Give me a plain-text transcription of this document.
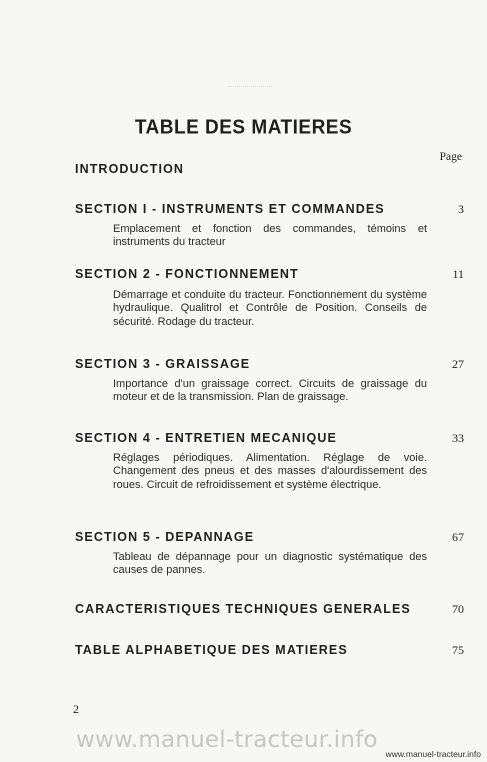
TABLE DES MATIERES
Page
INTRODUCTION
SECTION I - INSTRUMENTS ET COMMANDES	3
Emplacement et fonction des commandes, témoins et instruments du tracteur
SECTION 2 - FONCTIONNEMENT	11
Démarrage et conduite du tracteur. Fonctionnement du système hydraulique. Qualitrol et Contrôle de Position. Conseils de sécurité. Rodage du tracteur.
SECTION 3 - GRAISSAGE	27
Importance d'un graissage correct. Circuits de graissage du moteur et de la transmission. Plan de graissage.
SECTION 4 - ENTRETIEN MECANIQUE	33
Réglages périodiques. Alimentation. Réglage de voie. Changement des pneus et des masses d'alourdissement des roues. Circuit de refroidissement et système électrique.
SECTION 5 - DEPANNAGE	67
Tableau de dépannage pour un diagnostic systématique des causes de pannes.
CARACTERISTIQUES TECHNIQUES GENERALES	70
TABLE ALPHABETIQUE DES MATIERES	75
2
www.manuel-tracteur.info
www.manuel-tracteur.info
